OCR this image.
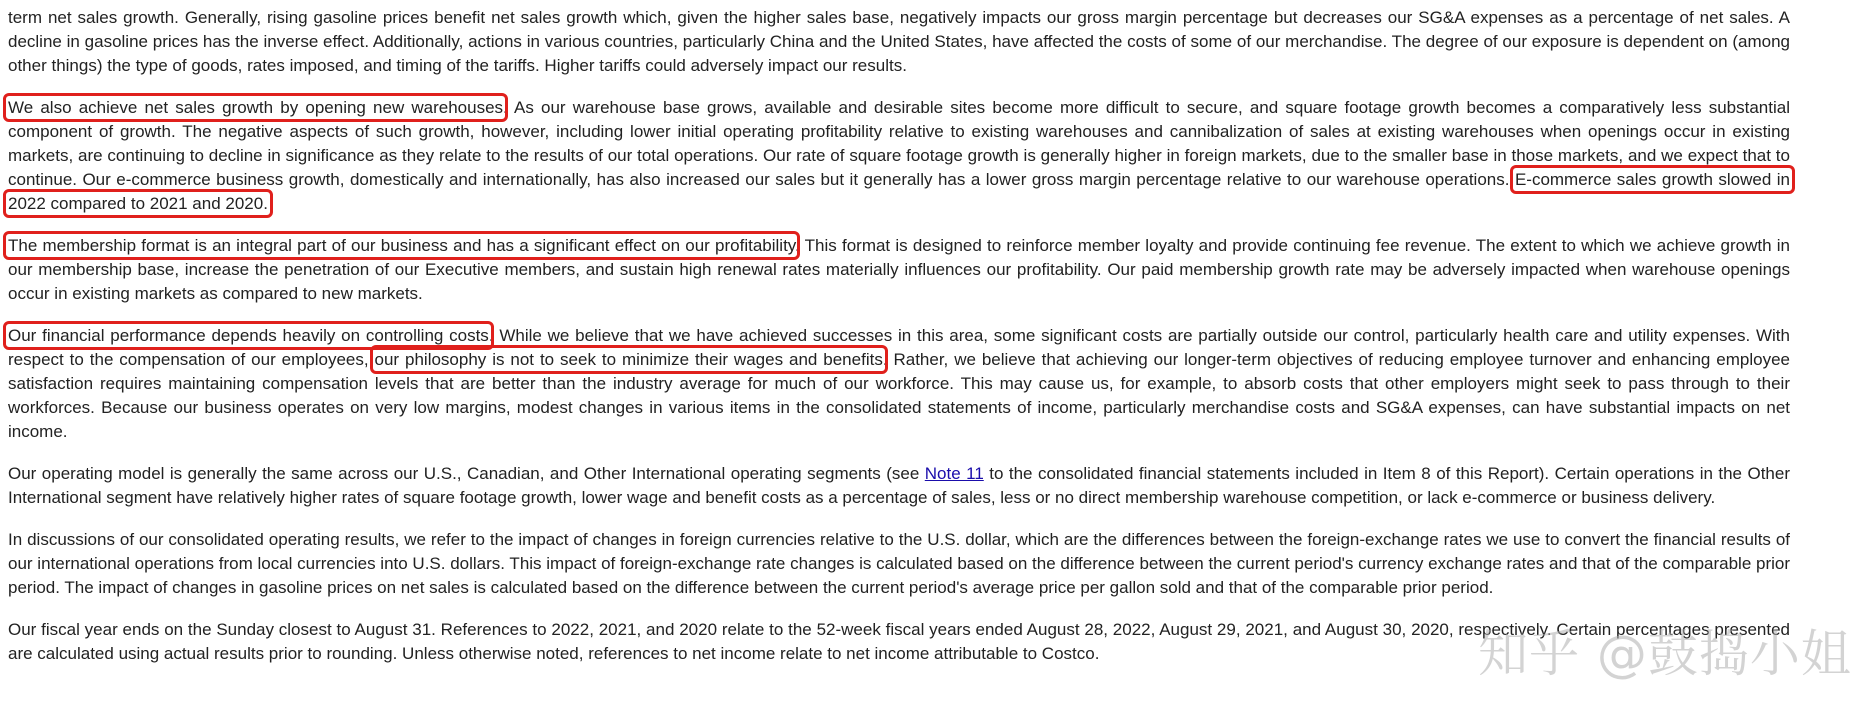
term net sales growth. Generally, rising gasoline prices benefit net sales growth which, given the higher sales base, negatively impacts our gross margin percentage but decreases our SG&A expenses as a percentage of net sales. A decline in gasoline prices has the inverse effect. Additionally, actions in various countries, particularly China and the United States, have affected the costs of some of our merchandise. The degree of our exposure is dependent on (among other things) the type of goods, rates imposed, and timing of the tariffs. Higher tariffs could adversely impact our results.

We also achieve net sales growth by opening new warehouses. As our warehouse base grows, available and desirable sites become more difficult to secure, and square footage growth becomes a comparatively less substantial component of growth. The negative aspects of such growth, however, including lower initial operating profitability relative to existing warehouses and cannibalization of sales at existing warehouses when openings occur in existing markets, are continuing to decline in significance as they relate to the results of our total operations. Our rate of square footage growth is generally higher in foreign markets, due to the smaller base in those markets, and we expect that to continue. Our e-commerce business growth, domestically and internationally, has also increased our sales but it generally has a lower gross margin percentage relative to our warehouse operations. E-commerce sales growth slowed in 2022 compared to 2021 and 2020.

The membership format is an integral part of our business and has a significant effect on our profitability. This format is designed to reinforce member loyalty and provide continuing fee revenue. The extent to which we achieve growth in our membership base, increase the penetration of our Executive members, and sustain high renewal rates materially influences our profitability. Our paid membership growth rate may be adversely impacted when warehouse openings occur in existing markets as compared to new markets.

Our financial performance depends heavily on controlling costs. While we believe that we have achieved successes in this area, some significant costs are partially outside our control, particularly health care and utility expenses. With respect to the compensation of our employees, our philosophy is not to seek to minimize their wages and benefits. Rather, we believe that achieving our longer-term objectives of reducing employee turnover and enhancing employee satisfaction requires maintaining compensation levels that are better than the industry average for much of our workforce. This may cause us, for example, to absorb costs that other employers might seek to pass through to their workforces. Because our business operates on very low margins, modest changes in various items in the consolidated statements of income, particularly merchandise costs and SG&A expenses, can have substantial impacts on net income.

Our operating model is generally the same across our U.S., Canadian, and Other International operating segments (see Note 11 to the consolidated financial statements included in Item 8 of this Report). Certain operations in the Other International segment have relatively higher rates of square footage growth, lower wage and benefit costs as a percentage of sales, less or no direct membership warehouse competition, or lack e-commerce or business delivery.

In discussions of our consolidated operating results, we refer to the impact of changes in foreign currencies relative to the U.S. dollar, which are the differences between the foreign-exchange rates we use to convert the financial results of our international operations from local currencies into U.S. dollars. This impact of foreign-exchange rate changes is calculated based on the difference between the current period's currency exchange rates and that of the comparable prior period. The impact of changes in gasoline prices on net sales is calculated based on the difference between the current period's average price per gallon sold and that of the comparable prior period.

Our fiscal year ends on the Sunday closest to August 31. References to 2022, 2021, and 2020 relate to the 52-week fiscal years ended August 28, 2022, August 29, 2021, and August 30, 2020, respectively. Certain percentages presented are calculated using actual results prior to rounding. Unless otherwise noted, references to net income relate to net income attributable to Costco.	知乎 @鼓捣小姐
